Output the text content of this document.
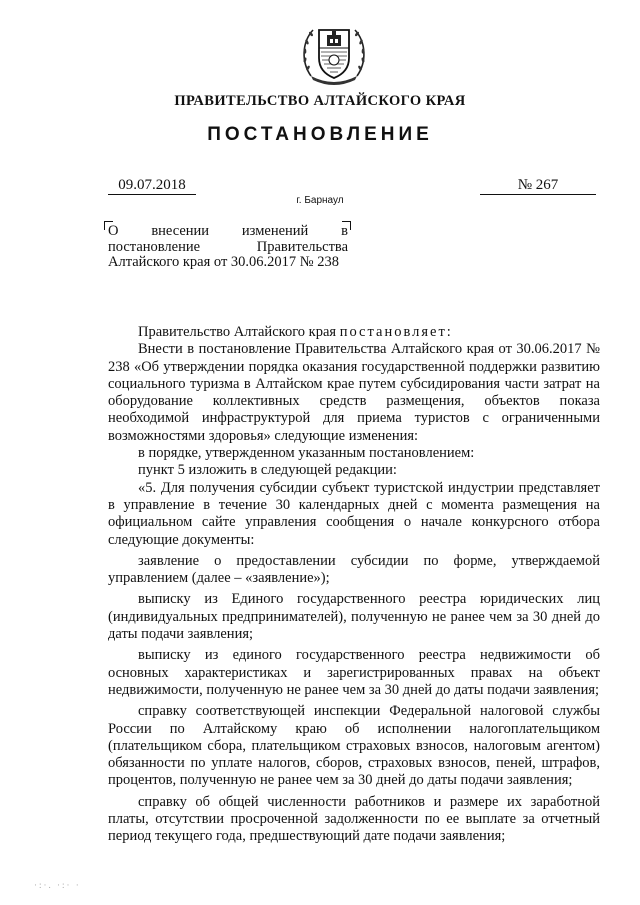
ПРАВИТЕЛЬСТВО АЛТАЙСКОГО КРАЯ
ПОСТАНОВЛЕНИЕ
09.07.2018	№ 267
г. Барнаул
О внесении изменений в постановление Правительства Алтайского края от 30.06.2017 № 238

Правительство Алтайского края постановляет:

Внести в постановление Правительства Алтайского края от 30.06.2017 № 238 «Об утверждении порядка оказания государственной поддержки развитию социального туризма в Алтайском крае путем субсидирования части затрат на оборудование коллективных средств размещения, объектов показа необходимой инфраструктурой для приема туристов с ограниченными возможностями здоровья» следующие изменения:

в порядке, утвержденном указанным постановлением:

пункт 5 изложить в следующей редакции:

«5. Для получения субсидии субъект туристской индустрии представляет в управление в течение 30 календарных дней с момента размещения на официальном сайте управления сообщения о начале конкурсного отбора следующие документы:

заявление о предоставлении субсидии по форме, утверждаемой управлением (далее – «заявление»);

выписку из Единого государственного реестра юридических лиц (индивидуальных предпринимателей), полученную не ранее чем за 30 дней до даты подачи заявления;

выписку из единого государственного реестра недвижимости об основных характеристиках и зарегистрированных правах на объект недвижимости, полученную не ранее чем за 30 дней до даты подачи заявления;

справку соответствующей инспекции Федеральной налоговой службы России по Алтайскому краю об исполнении налогоплательщиком (плательщиком сбора, плательщиком страховых взносов, налоговым агентом) обязанности по уплате налогов, сборов, страховых взносов, пеней, штрафов, процентов, полученную не ранее чем за 30 дней до даты подачи заявления;

справку об общей численности работников и размере их заработной платы, отсутствии просроченной задолженности по ее выплате за отчетный период текущего года, предшествующий дате подачи заявления;

·:·. ·:· ·
